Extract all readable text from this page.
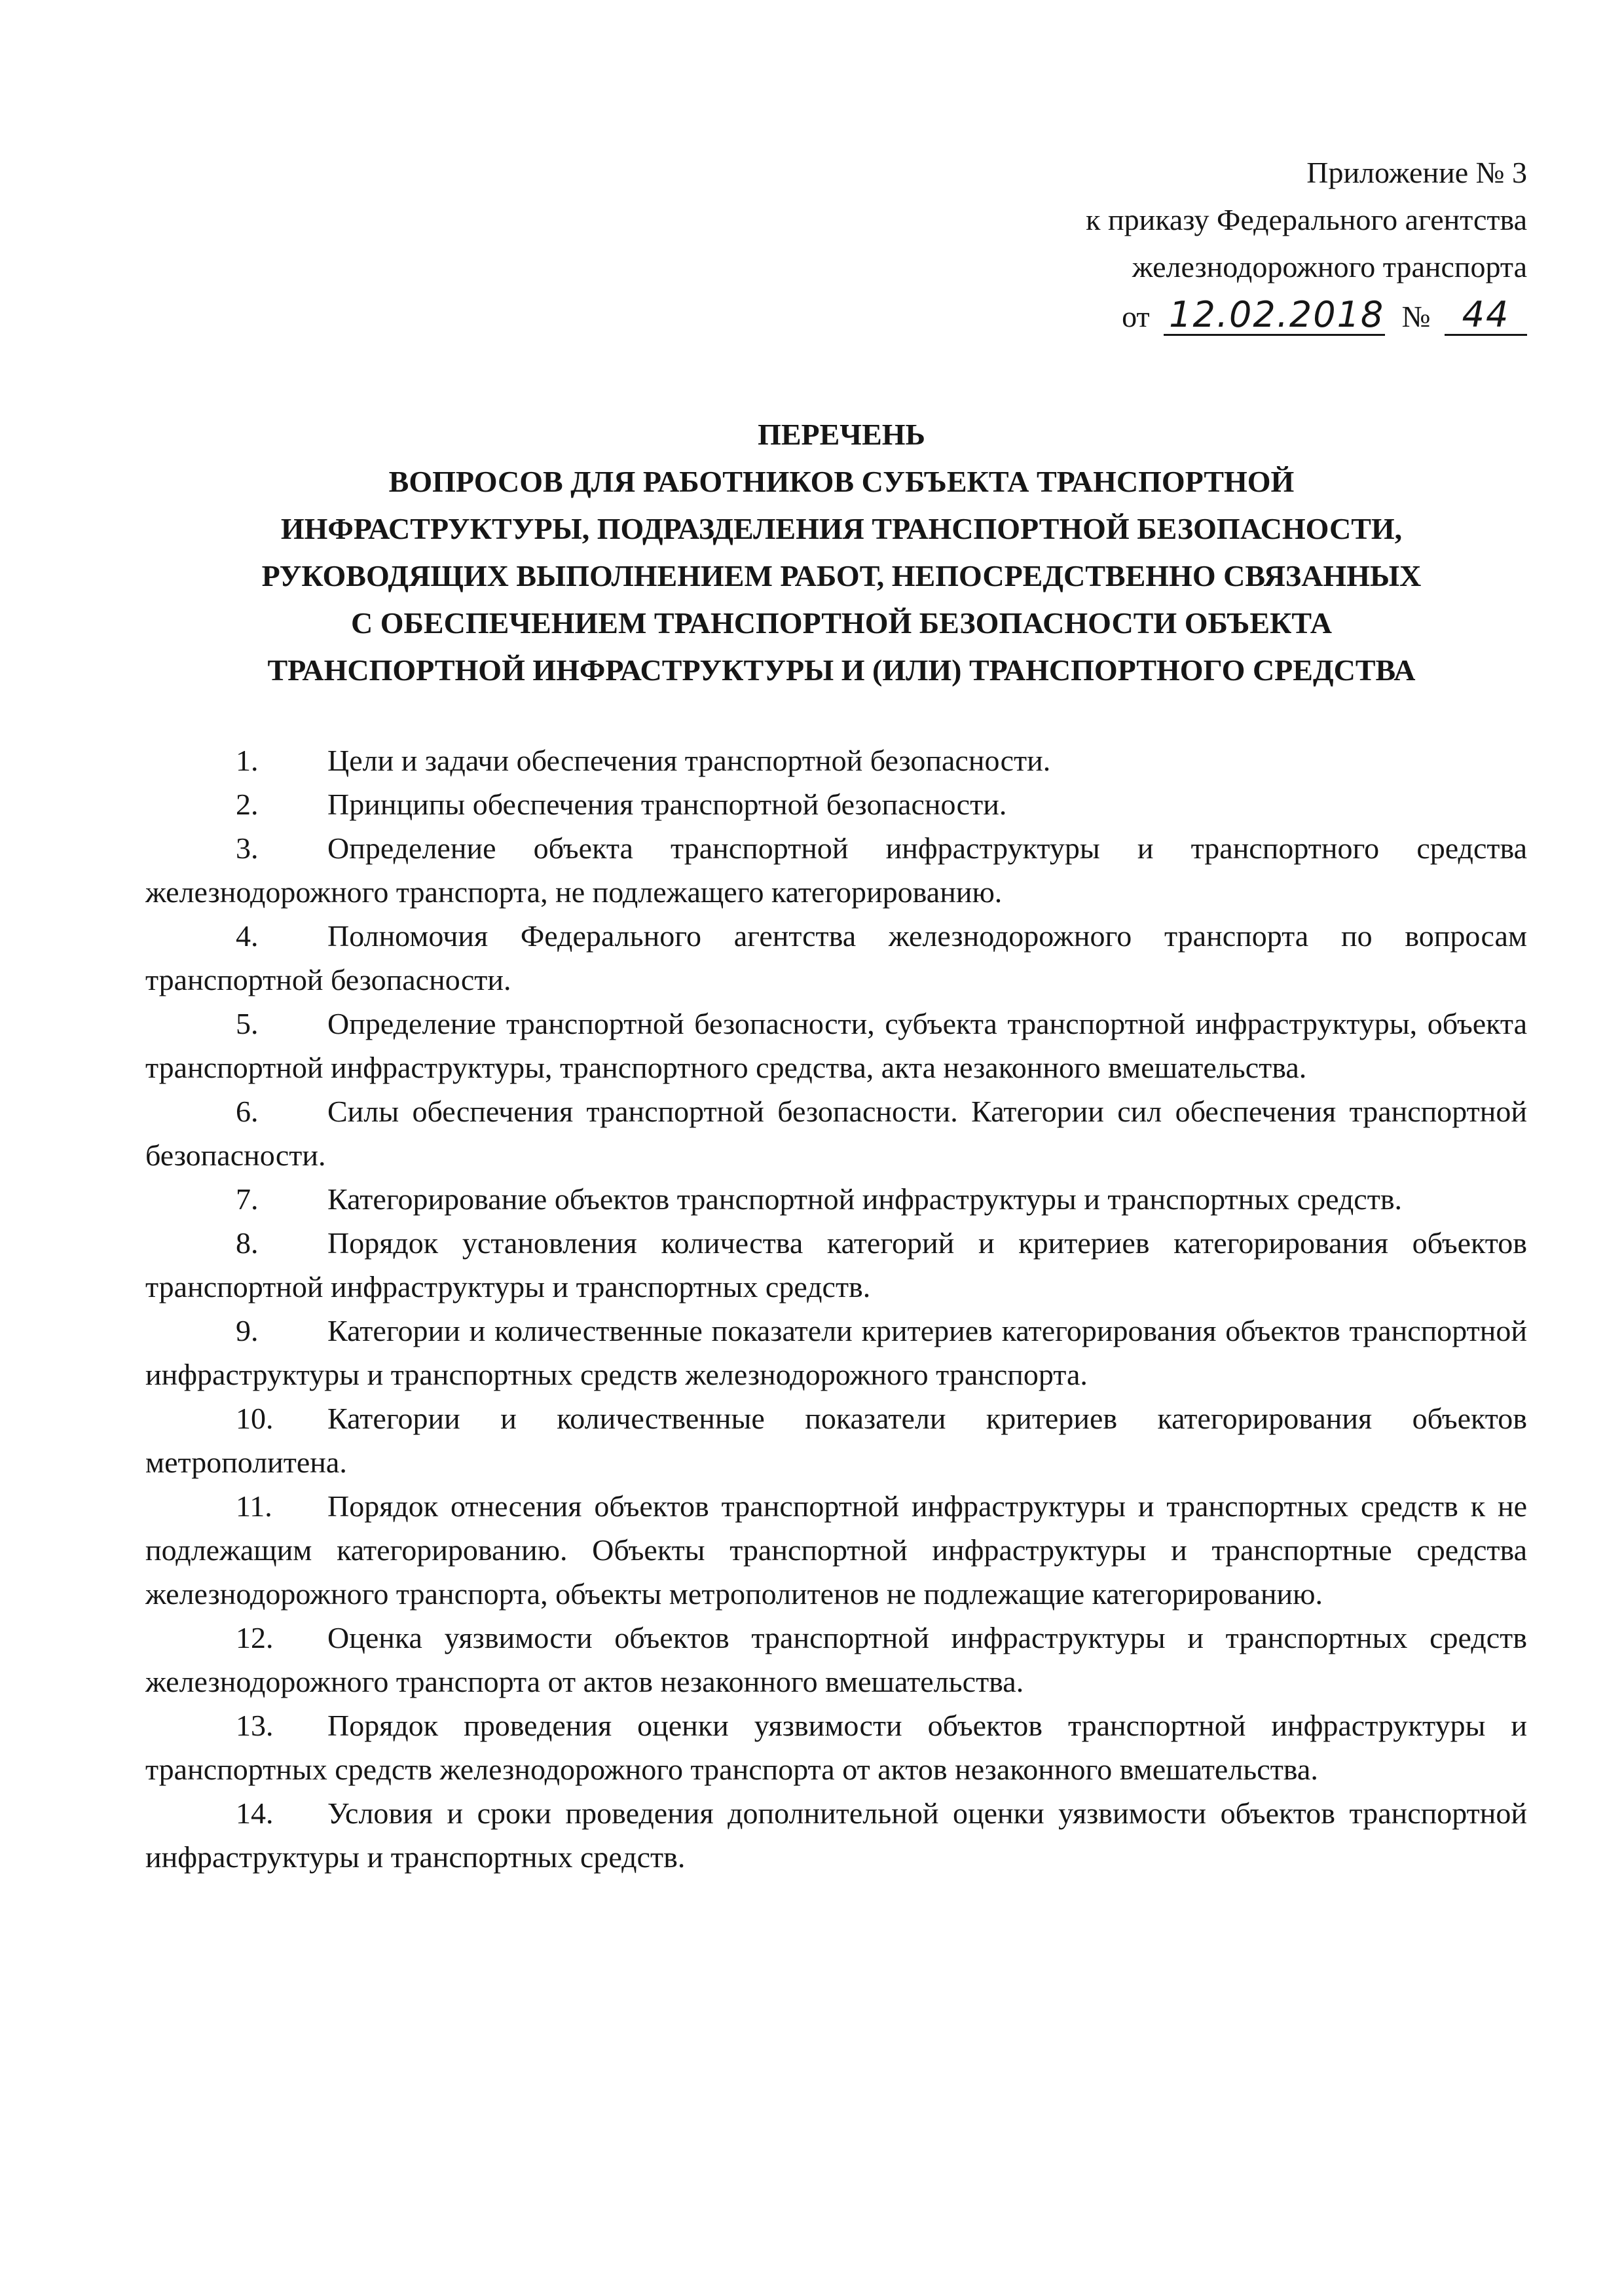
Приложение № 3
к приказу Федерального агентства
железнодорожного транспорта
от 12.02.2018 № 44
ПЕРЕЧЕНЬ
ВОПРОСОВ ДЛЯ РАБОТНИКОВ СУБЪЕКТА ТРАНСПОРТНОЙ
ИНФРАСТРУКТУРЫ, ПОДРАЗДЕЛЕНИЯ ТРАНСПОРТНОЙ БЕЗОПАСНОСТИ,
РУКОВОДЯЩИХ ВЫПОЛНЕНИЕМ РАБОТ, НЕПОСРЕДСТВЕННО СВЯЗАННЫХ
С ОБЕСПЕЧЕНИЕМ ТРАНСПОРТНОЙ БЕЗОПАСНОСТИ ОБЪЕКТА
ТРАНСПОРТНОЙ ИНФРАСТРУКТУРЫ И (ИЛИ) ТРАНСПОРТНОГО СРЕДСТВА

1. Цели и задачи обеспечения транспортной безопасности.

2. Принципы обеспечения транспортной безопасности.

3. Определение объекта транспортной инфраструктуры и транспортного средства железнодорожного транспорта, не подлежащего категорированию.

4. Полномочия Федерального агентства железнодорожного транспорта по вопросам транспортной безопасности.

5. Определение транспортной безопасности, субъекта транспортной инфраструктуры, объекта транспортной инфраструктуры, транспортного средства, акта незаконного вмешательства.

6. Силы обеспечения транспортной безопасности. Категории сил обеспечения транспортной безопасности.

7. Категорирование объектов транспортной инфраструктуры и транспортных средств.

8. Порядок установления количества категорий и критериев категорирования объектов транспортной инфраструктуры и транспортных средств.

9. Категории и количественные показатели критериев категорирования объектов транспортной инфраструктуры и транспортных средств железнодорожного транспорта.

10. Категории и количественные показатели критериев категорирования объектов метрополитена.

11. Порядок отнесения объектов транспортной инфраструктуры и транспортных средств к не подлежащим категорированию. Объекты транспортной инфраструктуры и транспортные средства железнодорожного транспорта, объекты метрополитенов не подлежащие категорированию.

12. Оценка уязвимости объектов транспортной инфраструктуры и транспортных средств железнодорожного транспорта от актов незаконного вмешательства.

13. Порядок проведения оценки уязвимости объектов транспортной инфраструктуры и транспортных средств железнодорожного транспорта от актов незаконного вмешательства.

14. Условия и сроки проведения дополнительной оценки уязвимости объектов транспортной инфраструктуры и транспортных средств.
